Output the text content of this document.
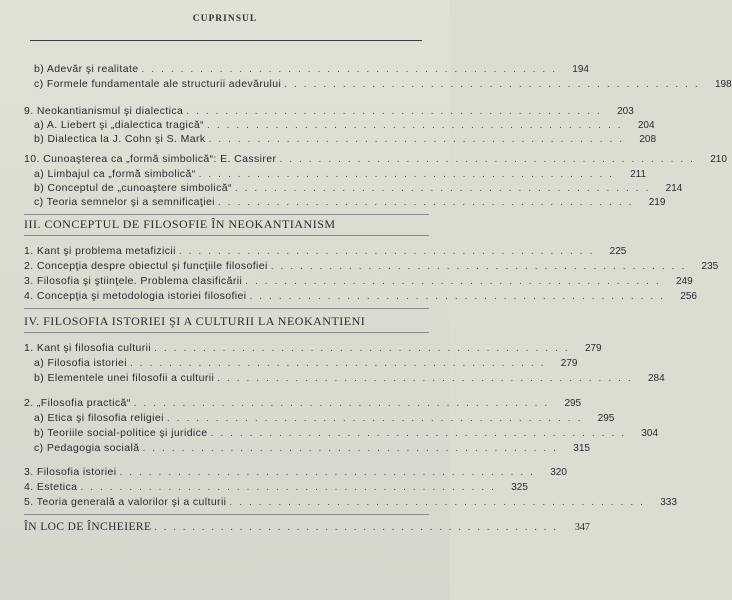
CUPRINSUL
b) Adevăr şi realitate ...........................................	194
c) Formele fundamentale ale structurii adevărului ...........................................	198
9. Neokantianismul şi dialectica ...........................................	203
a) A. Liebert şi „dialectica tragică“ ...........................................	204
b) Dialectica la J. Cohn şi S. Mark ...........................................	208
10. Cunoaşterea ca „formă simbolică“: E. Cassirer ...........................................	210
a) Limbajul ca „formă simbolică“ ...........................................	211
b) Conceptul de „cunoaştere simbolică“ ...........................................	214
c) Teoria semnelor şi a semnificaţiei ...........................................	219
III. CONCEPTUL DE FILOSOFIE ÎN NEOKANTIANISM
1. Kant şi problema metafizicii ...........................................	225
2. Concepţia despre obiectul şi funcţiile filosofiei ...........................................	235
3. Filosofia şi ştiinţele. Problema clasificării ...........................................	249
4. Concepţia şi metodologia istoriei filosofiei ...........................................	256
IV. FILOSOFIA ISTORIEI ŞI A CULTURII LA NEOKANTIENI
1. Kant şi filosofia culturii ...........................................	279
a) Filosofia istoriei ...........................................	279
b) Elementele unei filosofii a culturii ...........................................	284
2. „Filosofia practică“ ...........................................	295
a) Etica şi filosofia religiei ...........................................	295
b) Teoriile social-politice şi juridice ...........................................	304
c) Pedagogia socială ...........................................	315
3. Filosofia istoriei ...........................................	320
4. Estetica ...........................................	325
5. Teoria generală a valorilor şi a culturii ...........................................	333
ÎN LOC DE ÎNCHEIERE ...........................................	347
